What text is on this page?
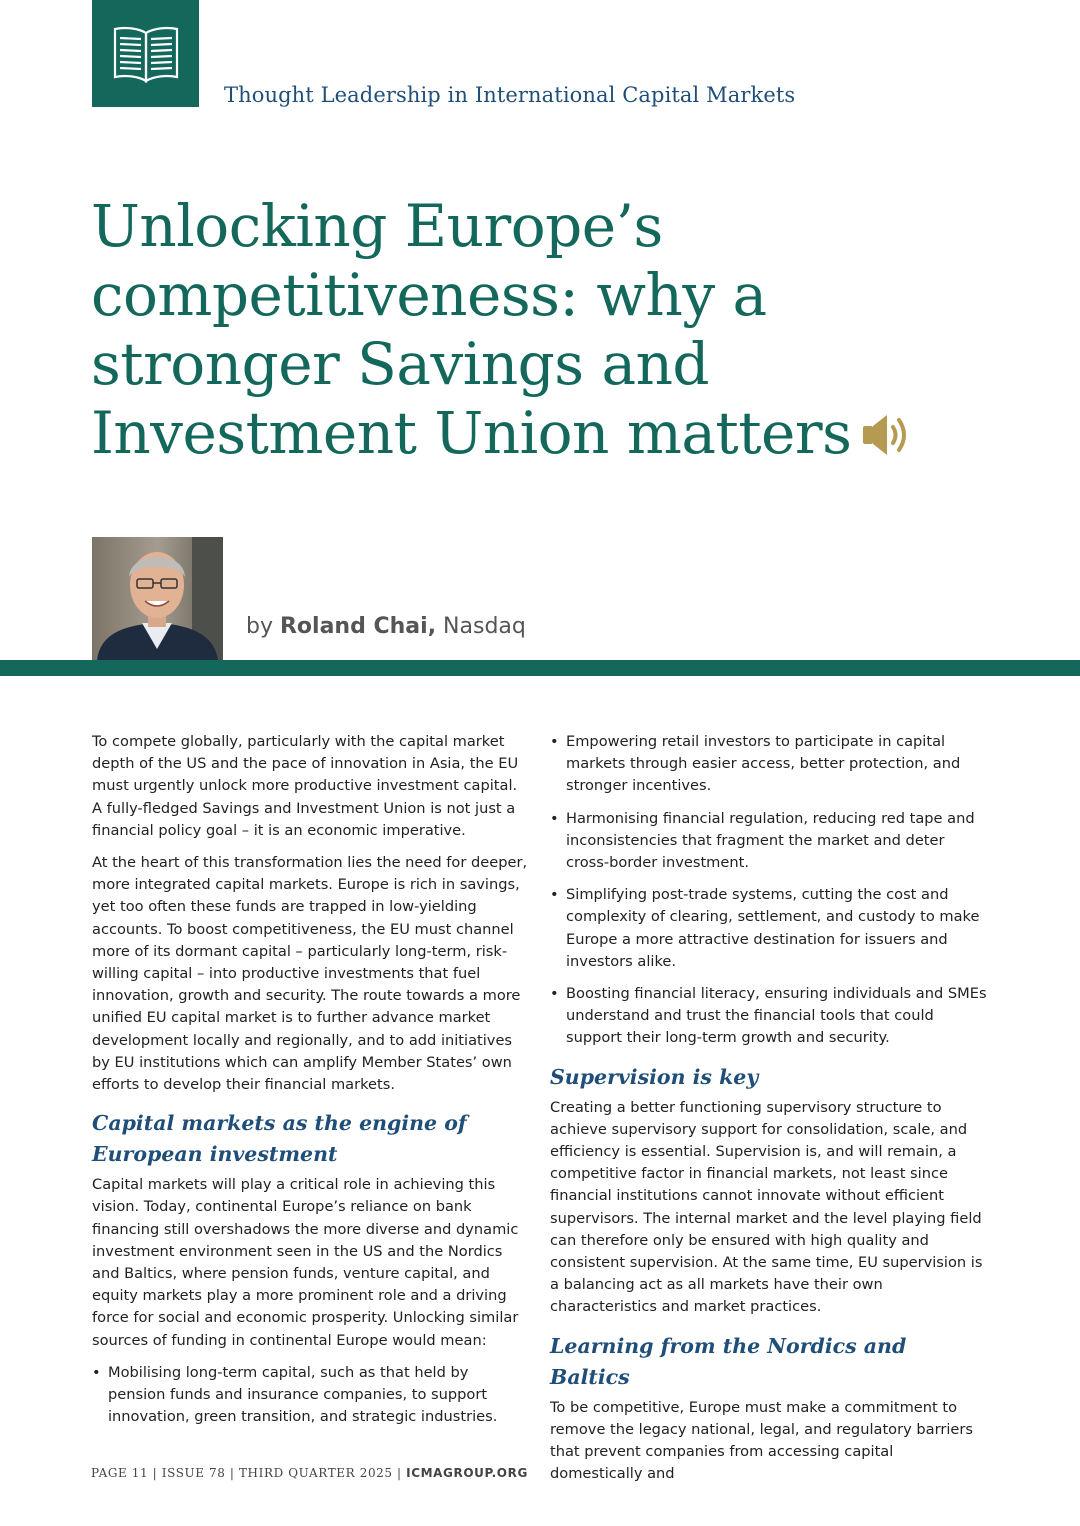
Thought Leadership in International Capital Markets
Unlocking Europe’s competitiveness: why a stronger Savings and Investment Union matters
by Roland Chai, Nasdaq

To compete globally, particularly with the capital market depth of the US and the pace of innovation in Asia, the EU must urgently unlock more productive investment capital. A fully-fledged Savings and Investment Union is not just a financial policy goal – it is an economic imperative.

At the heart of this transformation lies the need for deeper, more integrated capital markets. Europe is rich in savings, yet too often these funds are trapped in low-yielding accounts. To boost competitiveness, the EU must channel more of its dormant capital – particularly long-term, risk-willing capital – into productive investments that fuel innovation, growth and security. The route towards a more unified EU capital market is to further advance market development locally and regionally, and to add initiatives by EU institutions which can amplify Member States’ own efforts to develop their financial markets.

Capital markets as the engine of European investment

Capital markets will play a critical role in achieving this vision. Today, continental Europe’s reliance on bank financing still overshadows the more diverse and dynamic investment environment seen in the US and the Nordics and Baltics, where pension funds, venture capital, and equity markets play a more prominent role and a driving force for social and economic prosperity. Unlocking similar sources of funding in continental Europe would mean:

• Mobilising long-term capital, such as that held by pension funds and insurance companies, to support innovation, green transition, and strategic industries.
• Empowering retail investors to participate in capital markets through easier access, better protection, and stronger incentives.
• Harmonising financial regulation, reducing red tape and inconsistencies that fragment the market and deter cross-border investment.
• Simplifying post-trade systems, cutting the cost and complexity of clearing, settlement, and custody to make Europe a more attractive destination for issuers and investors alike.
• Boosting financial literacy, ensuring individuals and SMEs understand and trust the financial tools that could support their long-term growth and security.
Supervision is key

Creating a better functioning supervisory structure to achieve supervisory support for consolidation, scale, and efficiency is essential. Supervision is, and will remain, a competitive factor in financial markets, not least since financial institutions cannot innovate without efficient supervisors. The internal market and the level playing field can therefore only be ensured with high quality and consistent supervision. At the same time, EU supervision is a balancing act as all markets have their own characteristics and market practices.

Learning from the Nordics and Baltics

To be competitive, Europe must make a commitment to remove the legacy national, legal, and regulatory barriers that prevent companies from accessing capital domestically and

PAGE 11 | ISSUE 78 | THIRD QUARTER 2025 | ICMAGROUP.ORG
